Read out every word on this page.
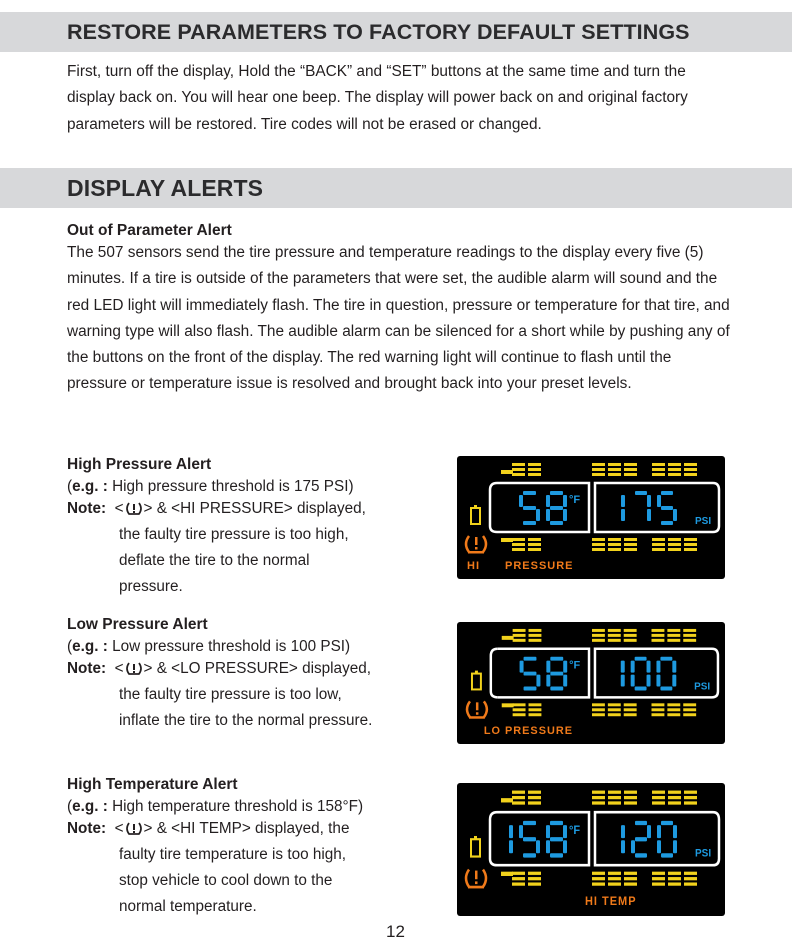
RESTORE PARAMETERS TO FACTORY DEFAULT SETTINGS
First, turn off the display, Hold the “BACK” and “SET” buttons at the same time and turn the display back on. You will hear one beep. The display will power back on and original factory parameters will be restored. Tire codes will not be erased or changed.
DISPLAY ALERTS
Out of Parameter Alert
The 507 sensors send the tire pressure and temperature readings to the display every five (5) minutes. If a tire is outside of the parameters that were set, the audible alarm will sound and the red LED light will immediately flash. The tire in question, pressure or temperature for that tire, and warning type will also flash. The audible alarm can be silenced for a short while by pushing any of the buttons on the front of the display. The red warning light will continue to flash until the pressure or temperature issue is resolved and brought back into your preset levels.
High Pressure Alert
(e.g. : High pressure threshold is 175 PSI)
Note: < > & <HI PRESSURE> displayed,
the faulty tire pressure is too high,
deflate the tire to the normal
pressure.
Low Pressure Alert
(e.g. : Low pressure threshold is 100 PSI)
Note: < > & <LO PRESSURE> displayed,
the faulty tire pressure is too low,
inflate the tire to the normal pressure.
High Temperature Alert
(e.g. : High temperature threshold is 158°F)
Note: < > & <HI TEMP> displayed, the
faulty tire temperature is too high,
stop vehicle to cool down to the
normal temperature.
°F
PSI
HI PRESSURE
°F
PSI
LO PRESSURE
°F
PSI
HI TEMP
12
